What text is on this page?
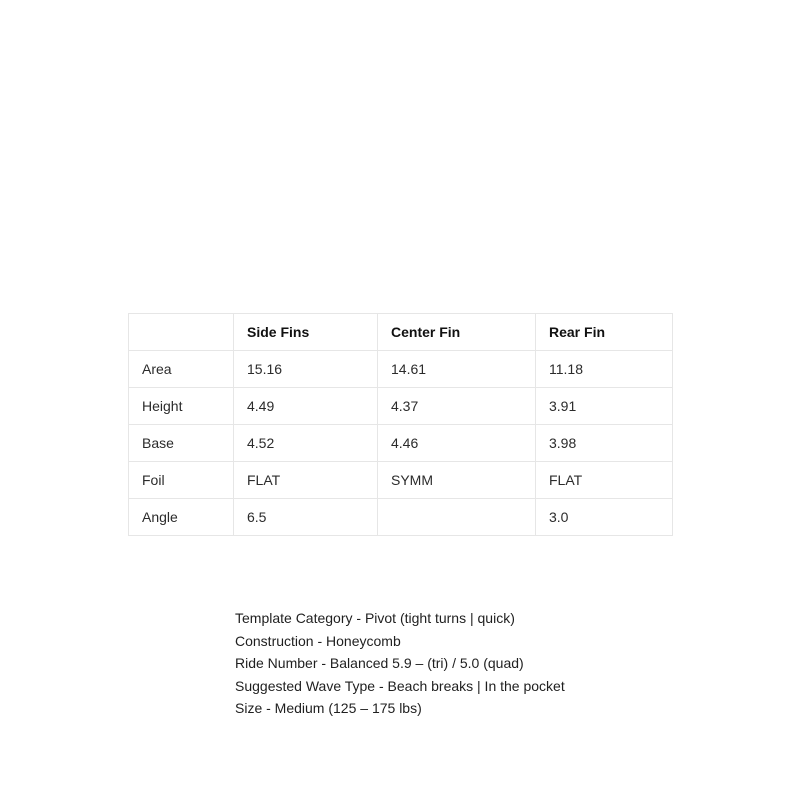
	Side Fins	Center Fin	Rear Fin
Area	15.16	14.61	11.18
Height	4.49	4.37	3.91
Base	4.52	4.46	3.98
Foil	FLAT	SYMM	FLAT
Angle	6.5		3.0
Template Category - Pivot (tight turns | quick)
Construction - Honeycomb
Ride Number - Balanced 5.9 – (tri) / 5.0 (quad)
Suggested Wave Type - Beach breaks | In the pocket
Size - Medium (125 – 175 lbs)
